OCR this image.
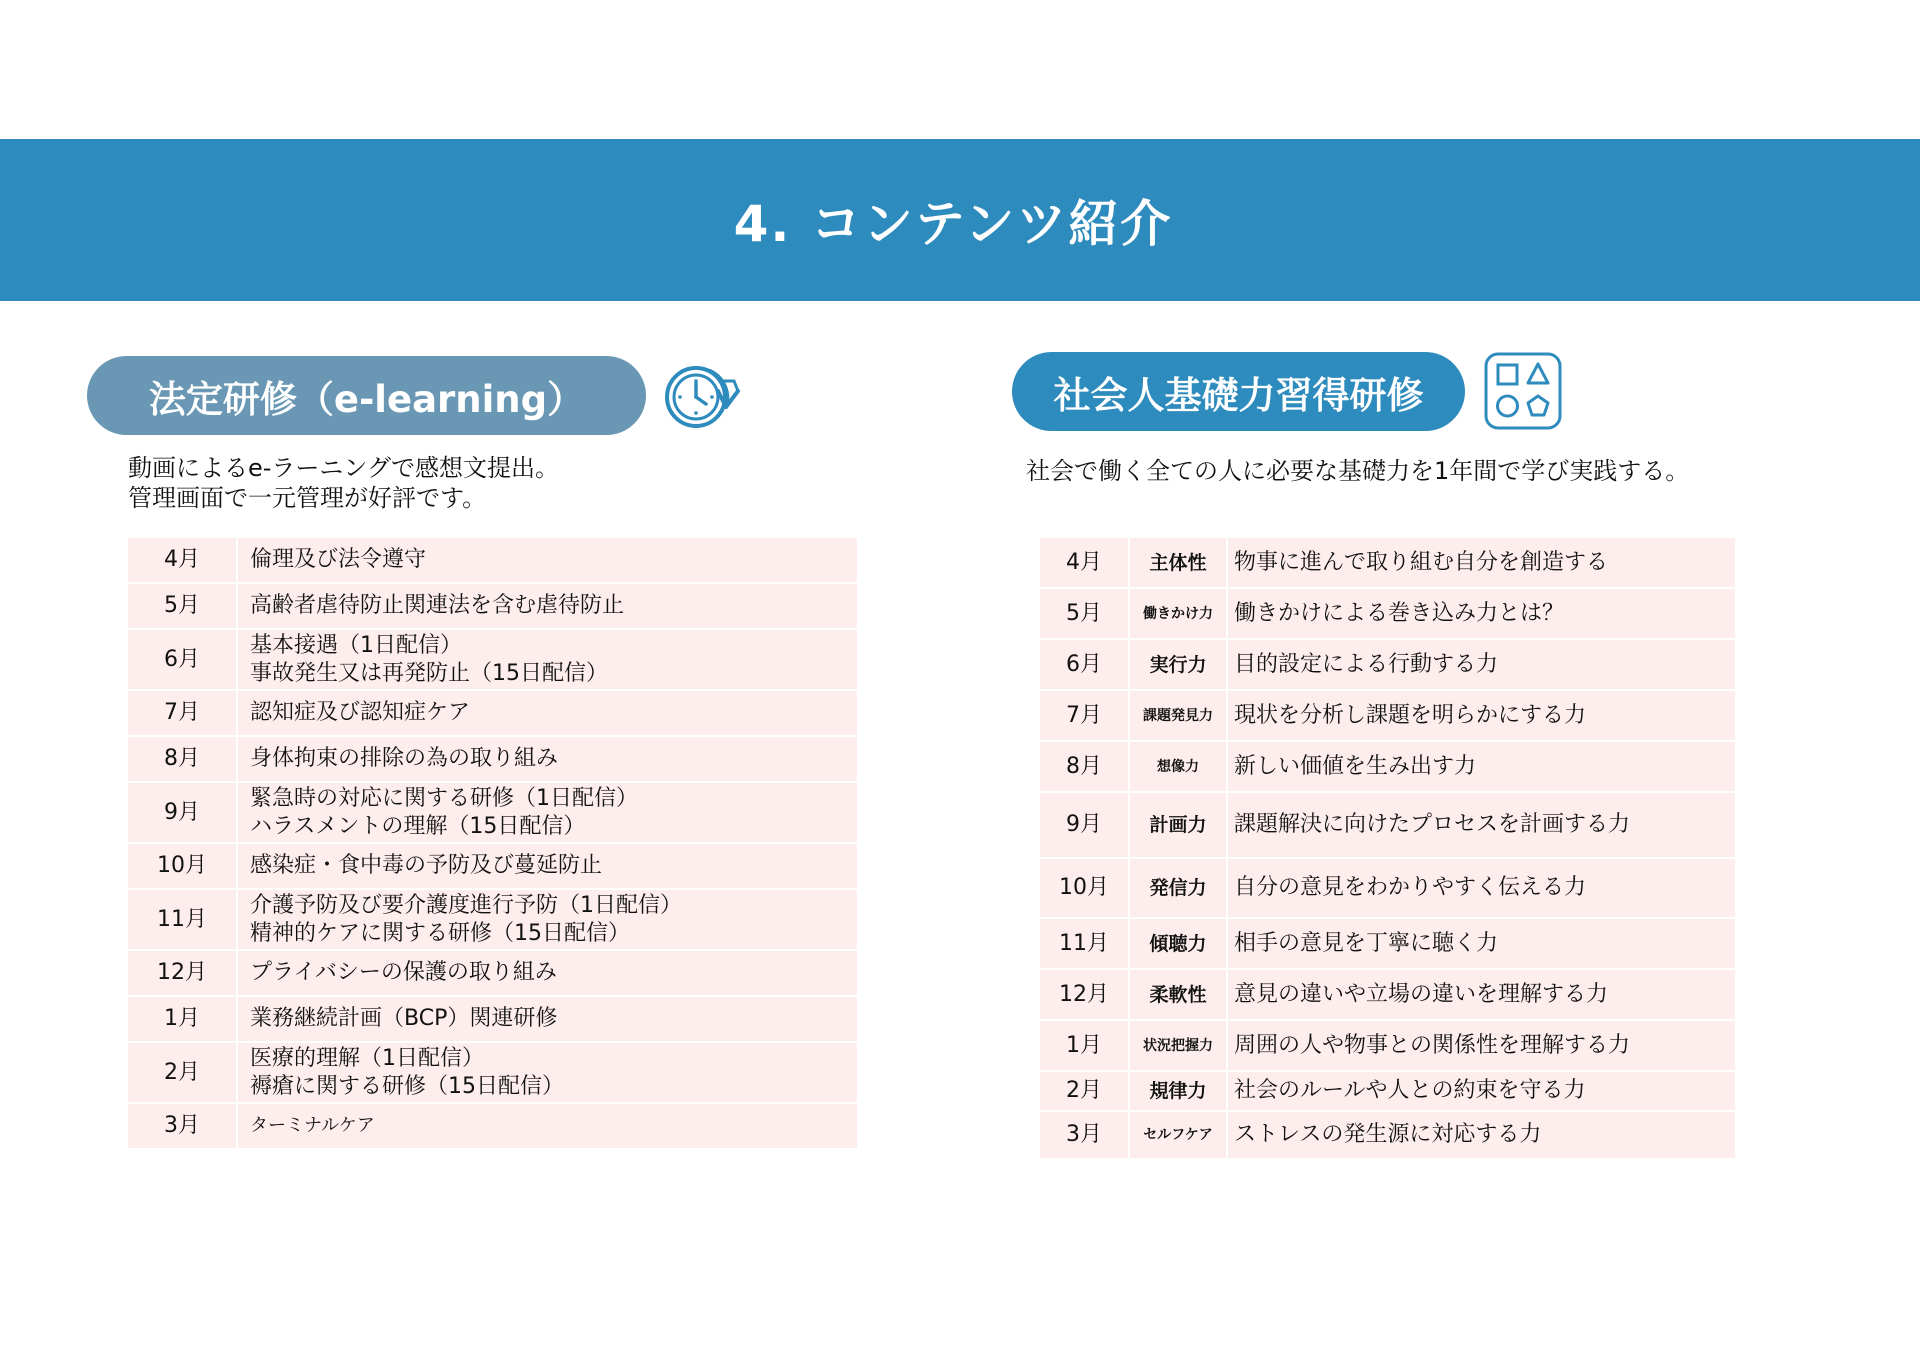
4. コンテンツ紹介
法定研修（e-learning）
動画によるe-ラーニングで感想文提出。
管理画面で一元管理が好評です。
4月	倫理及び法令遵守

5月	高齢者虐待防止関連法を含む虐待防止

6月	基本接遇（1日配信）
事故発生又は再発防止（15日配信）

7月	認知症及び認知症ケア

8月	身体拘束の排除の為の取り組み

9月	緊急時の対応に関する研修（1日配信）
ハラスメントの理解（15日配信）

10月	感染症・食中毒の予防及び蔓延防止

11月	介護予防及び要介護度進行予防（1日配信）
精神的ケアに関する研修（15日配信）

12月	プライバシーの保護の取り組み

1月	業務継続計画（BCP）関連研修

2月	医療的理解（1日配信）
褥瘡に関する研修（15日配信）

3月	ターミナルケア
社会人基礎力習得研修
社会で働く全ての人に必要な基礎力を1年間で学び実践する。
4月	主体性	物事に進んで取り組む自分を創造する
5月	働きかけ力	働きかけによる巻き込み力とは？
6月	実行力	目的設定による行動する力
7月	課題発見力	現状を分析し課題を明らかにする力
8月	想像力	新しい価値を生み出す力
9月	計画力	課題解決に向けたプロセスを計画する力
10月	発信力	自分の意見をわかりやすく伝える力
11月	傾聴力	相手の意見を丁寧に聴く力
12月	柔軟性	意見の違いや立場の違いを理解する力
1月	状況把握力	周囲の人や物事との関係性を理解する力
2月	規律力	社会のルールや人との約束を守る力
3月	セルフケア	ストレスの発生源に対応する力
